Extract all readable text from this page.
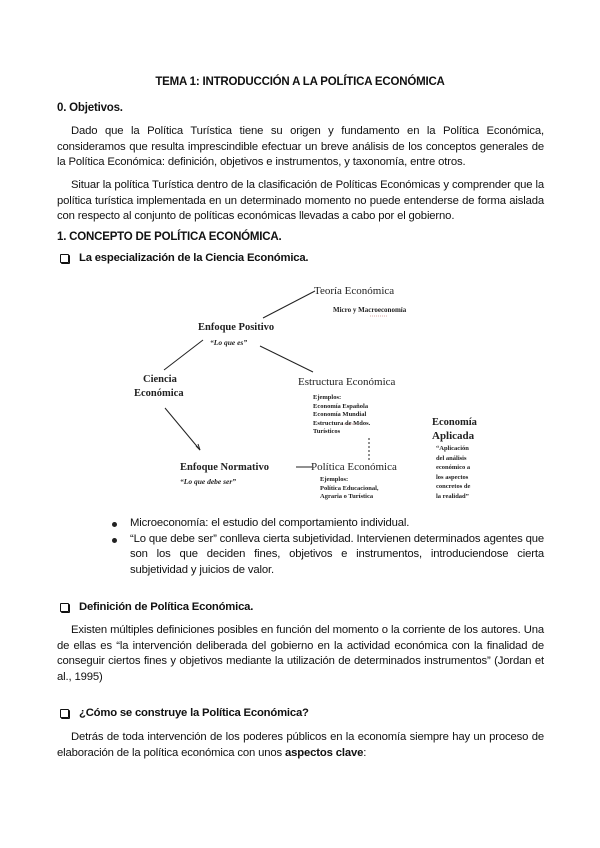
TEMA 1: INTRODUCCIÓN A LA POLÍTICA ECONÓMICA
0. Objetivos.
Dado que la Política Turística tiene su origen y fundamento en la Política Económica, consideramos que resulta imprescindible efectuar un breve análisis de los conceptos generales de la Política Económica: definición, objetivos e instrumentos, y taxonomía, entre otros.
Situar la política Turística dentro de la clasificación de Políticas Económicas y comprender que la política turística implementada en un determinado momento no puede entenderse de forma aislada con respecto al conjunto de políticas económicas llevadas a cabo por el gobierno.
1. CONCEPTO DE POLÍTICA ECONÓMICA.
La especialización de la Ciencia Económica.
Teoría Económica
Micro y Macroeconomía
Enfoque Positivo
“Lo que es”
Ciencia
Económica
Estructura Económica
Ejemplos:
Economía Española
Economía Mundial
Estructura de Mdos.
Turísticos
Economía
Aplicada
“Aplicación
del análisis
económico a
los aspectos
concretos de
la realidad”
Enfoque Normativo
“Lo que debe ser”
Política Económica
Ejemplos:
Política Educacional,
Agraria o Turística
Microeconomía: el estudio del comportamiento individual.
“Lo que debe ser” conlleva cierta subjetividad. Intervienen determinados agentes que son los que deciden fines, objetivos e instrumentos, introduciendose cierta subjetividad y juicios de valor.
Definición de Política Económica.
Existen múltiples definiciones posibles en función del momento o la corriente de los autores. Una de ellas es “la intervención deliberada del gobierno en la actividad económica con la finalidad de conseguir ciertos fines y objetivos mediante la utilización de determinados instrumentos” (Jordan et al., 1995)
¿Cómo se construye la Política Económica?
Detrás de toda intervención de los poderes públicos en la economía siempre hay un proceso de elaboración de la política económica con unos aspectos clave:
